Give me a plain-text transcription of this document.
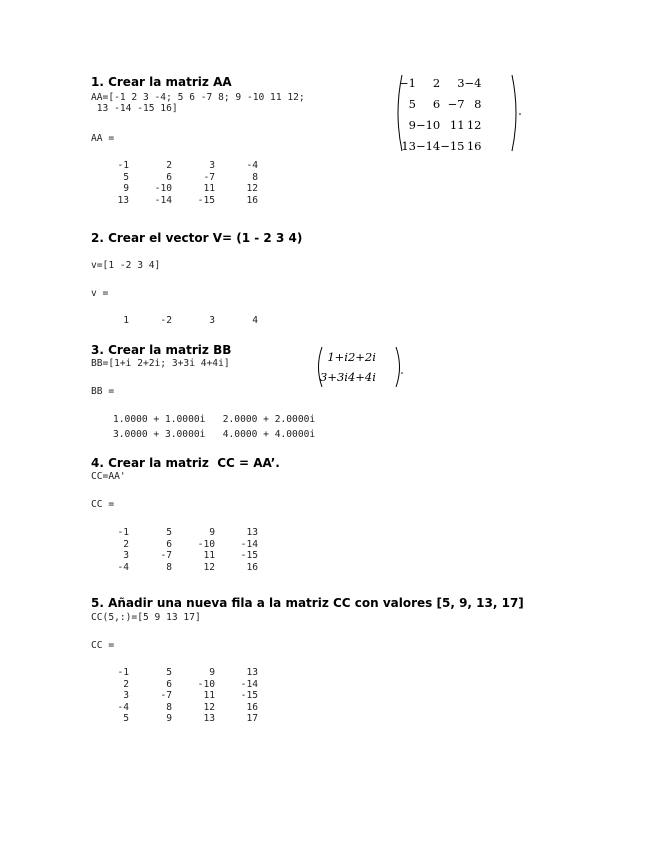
1. Crear la matriz AA
AA=[-1 2 3 -4; 5 6 -7 8; 9 -10 11 12;
13 -14 -15 16]
AA =
-1	2	3	-4
5	6	-7	8
9	-10	11	12
13	-14	-15	16
−1	2	3	−4
5	6	−7	8
9	−10	11	12
13	−14	−15	16
2. Crear el vector V= (1 - 2 3 4)
v=[1 -2 3 4]
v =
1	-2	3	4
3. Crear la matriz BB
BB=[1+i 2+2i; 3+3i 4+4i]
BB =
1.0000 + 1.0000i   2.0000 + 2.0000i
3.0000 + 3.0000i   4.0000 + 4.0000i
1+i	2+2i
3+3i	4+4i
4. Crear la matriz  CC = AA’.
CC=AA'
CC =
-1	5	9	13
2	6	-10	-14
3	-7	11	-15
-4	8	12	16
5. Añadir una nueva fila a la matriz CC con valores [5, 9, 13, 17]
CC(5,:)=[5 9 13 17]
CC =
-1	5	9	13
2	6	-10	-14
3	-7	11	-15
-4	8	12	16
5	9	13	17
